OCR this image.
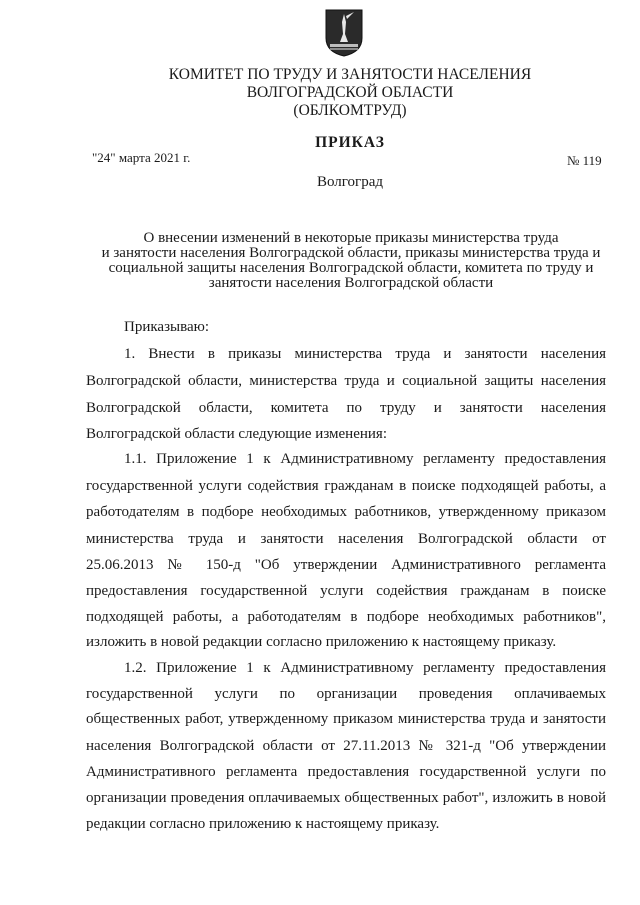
КОМИТЕТ ПО ТРУДУ И ЗАНЯТОСТИ НАСЕЛЕНИЯ
ВОЛГОГРАДСКОЙ ОБЛАСТИ
(ОБЛКОМТРУД)
ПРИКАЗ
"24" марта 2021 г.	№ 119
Волгоград
О внесении изменений в некоторые приказы министерства труда
и занятости населения Волгоградской области, приказы министерства труда и
социальной защиты населения Волгоградской области, комитета по труду и
занятости населения Волгоградской области
Приказываю:
1. Внести в приказы министерства труда и занятости населения
Волгоградской области, министерства труда и социальной защиты населения
Волгоградской области, комитета по труду и занятости населения
Волгоградской области следующие изменения:
1.1. Приложение 1 к Административному регламенту предоставления
государственной услуги содействия гражданам в поиске подходящей работы, а
работодателям в подборе необходимых работников, утвержденному приказом
министерства труда и занятости населения Волгоградской области от
25.06.2013 № 150-д "Об утверждении Административного регламента
предоставления государственной услуги содействия гражданам в поиске
подходящей работы, а работодателям в подборе необходимых работников",
изложить в новой редакции согласно приложению к настоящему приказу.
1.2. Приложение 1 к Административному регламенту предоставления
государственной услуги по организации проведения оплачиваемых
общественных работ, утвержденному приказом министерства труда и занятости
населения Волгоградской области от 27.11.2013 № 321-д "Об утверждении
Административного регламента предоставления государственной услуги по
организации проведения оплачиваемых общественных работ", изложить в новой
редакции согласно приложению к настоящему приказу.
